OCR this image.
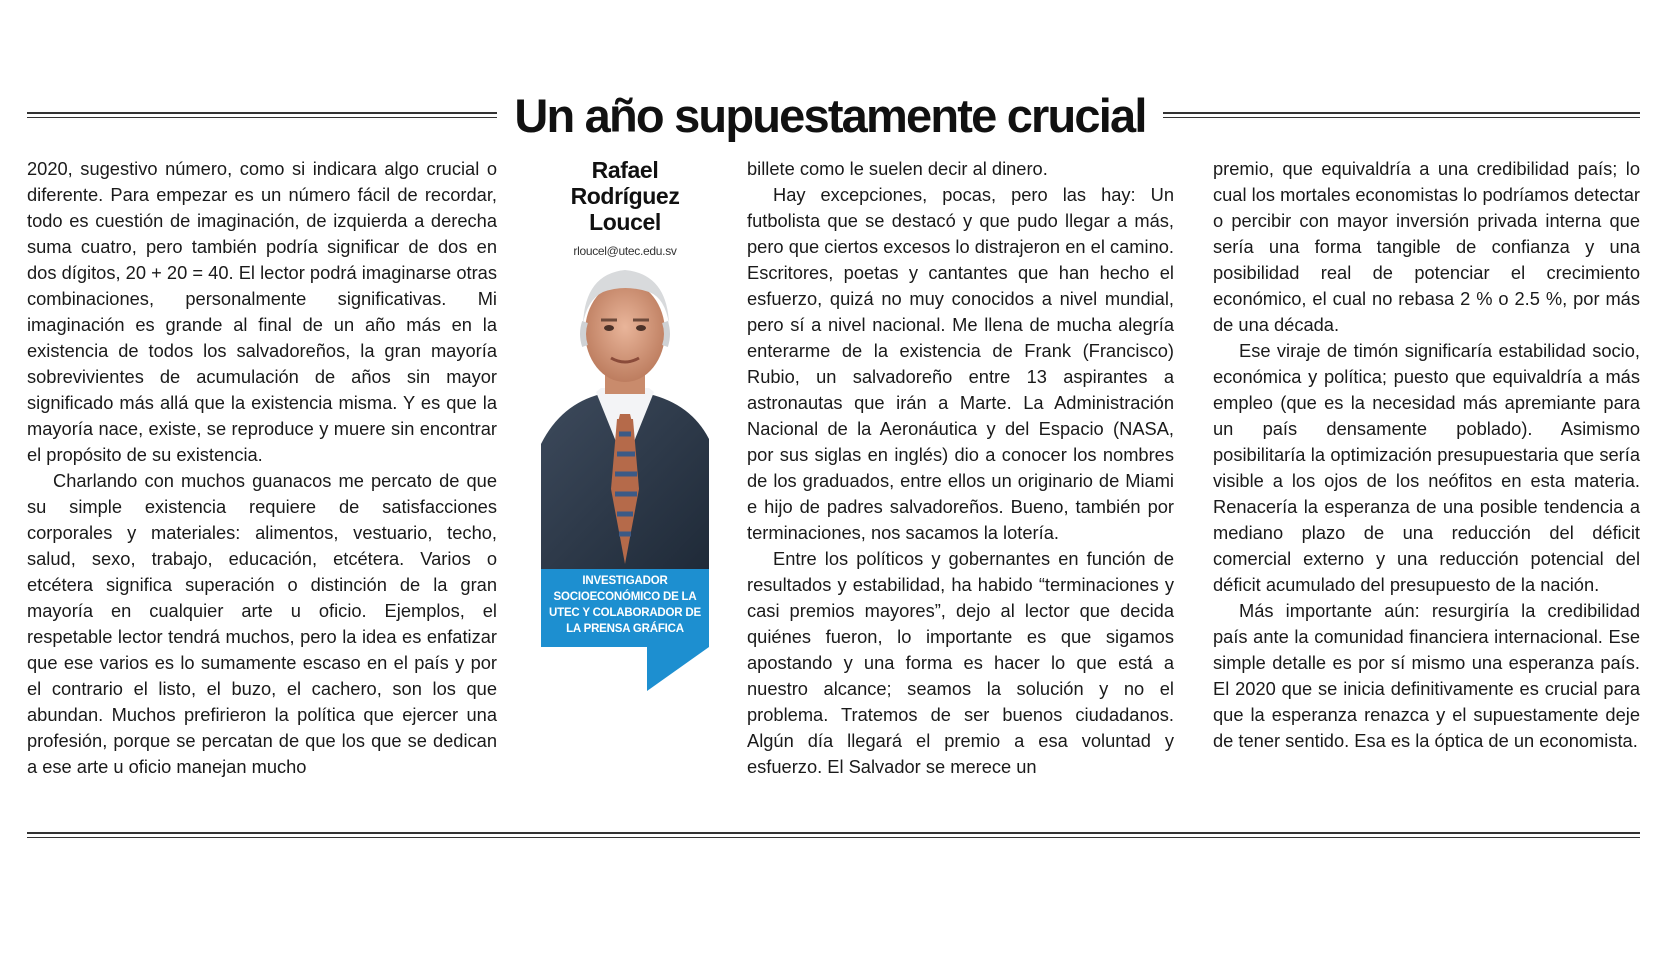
Un año supuestamente crucial

2020, sugestivo número, como si indicara algo crucial o diferente. Para empezar es un número fácil de recordar, todo es cuestión de imaginación, de izquierda a derecha suma cuatro, pero también podría significar de dos en dos dígitos, 20 + 20 = 40. El lector podrá imaginarse otras combinaciones, personalmente significativas. Mi imaginación es grande al final de un año más en la existencia de todos los salvadoreños, la gran mayoría sobrevivientes de acumulación de años sin mayor significado más allá que la existencia misma. Y es que la mayoría nace, existe, se reproduce y muere sin encontrar el propósito de su existencia.

Charlando con muchos guanacos me percato de que su simple existencia requiere de satisfacciones corporales y materiales: alimentos, vestuario, techo, salud, sexo, trabajo, educación, etcétera. Varios o etcétera significa superación o distinción de la gran mayoría en cualquier arte u oficio. Ejemplos, el respetable lector tendrá muchos, pero la idea es enfatizar que ese varios es lo sumamente escaso en el país y por el contrario el listo, el buzo, el cachero, son los que abundan. Muchos prefirieron la política que ejercer una profesión, porque se percatan de que los que se dedican a ese arte u oficio manejan mucho

Rafael Rodríguez Loucel
rloucel@utec.edu.sv
INVESTIGADOR SOCIOECONÓMICO DE LA UTEC Y COLABORADOR DE LA PRENSA GRÁFICA

billete como le suelen decir al dinero.

Hay excepciones, pocas, pero las hay: Un futbolista que se destacó y que pudo llegar a más, pero que ciertos excesos lo distrajeron en el camino. Escritores, poetas y cantantes que han hecho el esfuerzo, quizá no muy conocidos a nivel mundial, pero sí a nivel nacional. Me llena de mucha alegría enterarme de la existencia de Frank (Francisco) Rubio, un salvadoreño entre 13 aspirantes a astronautas que irán a Marte. La Administración Nacional de la Aeronáutica y del Espacio (NASA, por sus siglas en inglés) dio a conocer los nombres de los graduados, entre ellos un originario de Miami e hijo de padres salvadoreños. Bueno, también por terminaciones, nos sacamos la lotería.

Entre los políticos y gobernantes en función de resultados y estabilidad, ha habido “terminaciones y casi premios mayores”, dejo al lector que decida quiénes fueron, lo importante es que sigamos apostando y una forma es hacer lo que está a nuestro alcance; seamos la solución y no el problema. Tratemos de ser buenos ciudadanos. Algún día llegará el premio a esa voluntad y esfuerzo. El Salvador se merece un

premio, que equivaldría a una credibilidad país; lo cual los mortales economistas lo podríamos detectar o percibir con mayor inversión privada interna que sería una forma tangible de confianza y una posibilidad real de potenciar el crecimiento económico, el cual no rebasa 2 % o 2.5 %, por más de una década.

Ese viraje de timón significaría estabilidad socio, económica y política; puesto que equivaldría a más empleo (que es la necesidad más apremiante para un país densamente poblado). Asimismo posibilitaría la optimización presupuestaria que sería visible a los ojos de los neófitos en esta materia. Renacería la esperanza de una posible tendencia a mediano plazo de una reducción del déficit comercial externo y una reducción potencial del déficit acumulado del presupuesto de la nación.

Más importante aún: resurgiría la credibilidad país ante la comunidad financiera internacional. Ese simple detalle es por sí mismo una esperanza país. El 2020 que se inicia definitivamente es crucial para que la esperanza renazca y el supuestamente deje de tener sentido. Esa es la óptica de un economista.
